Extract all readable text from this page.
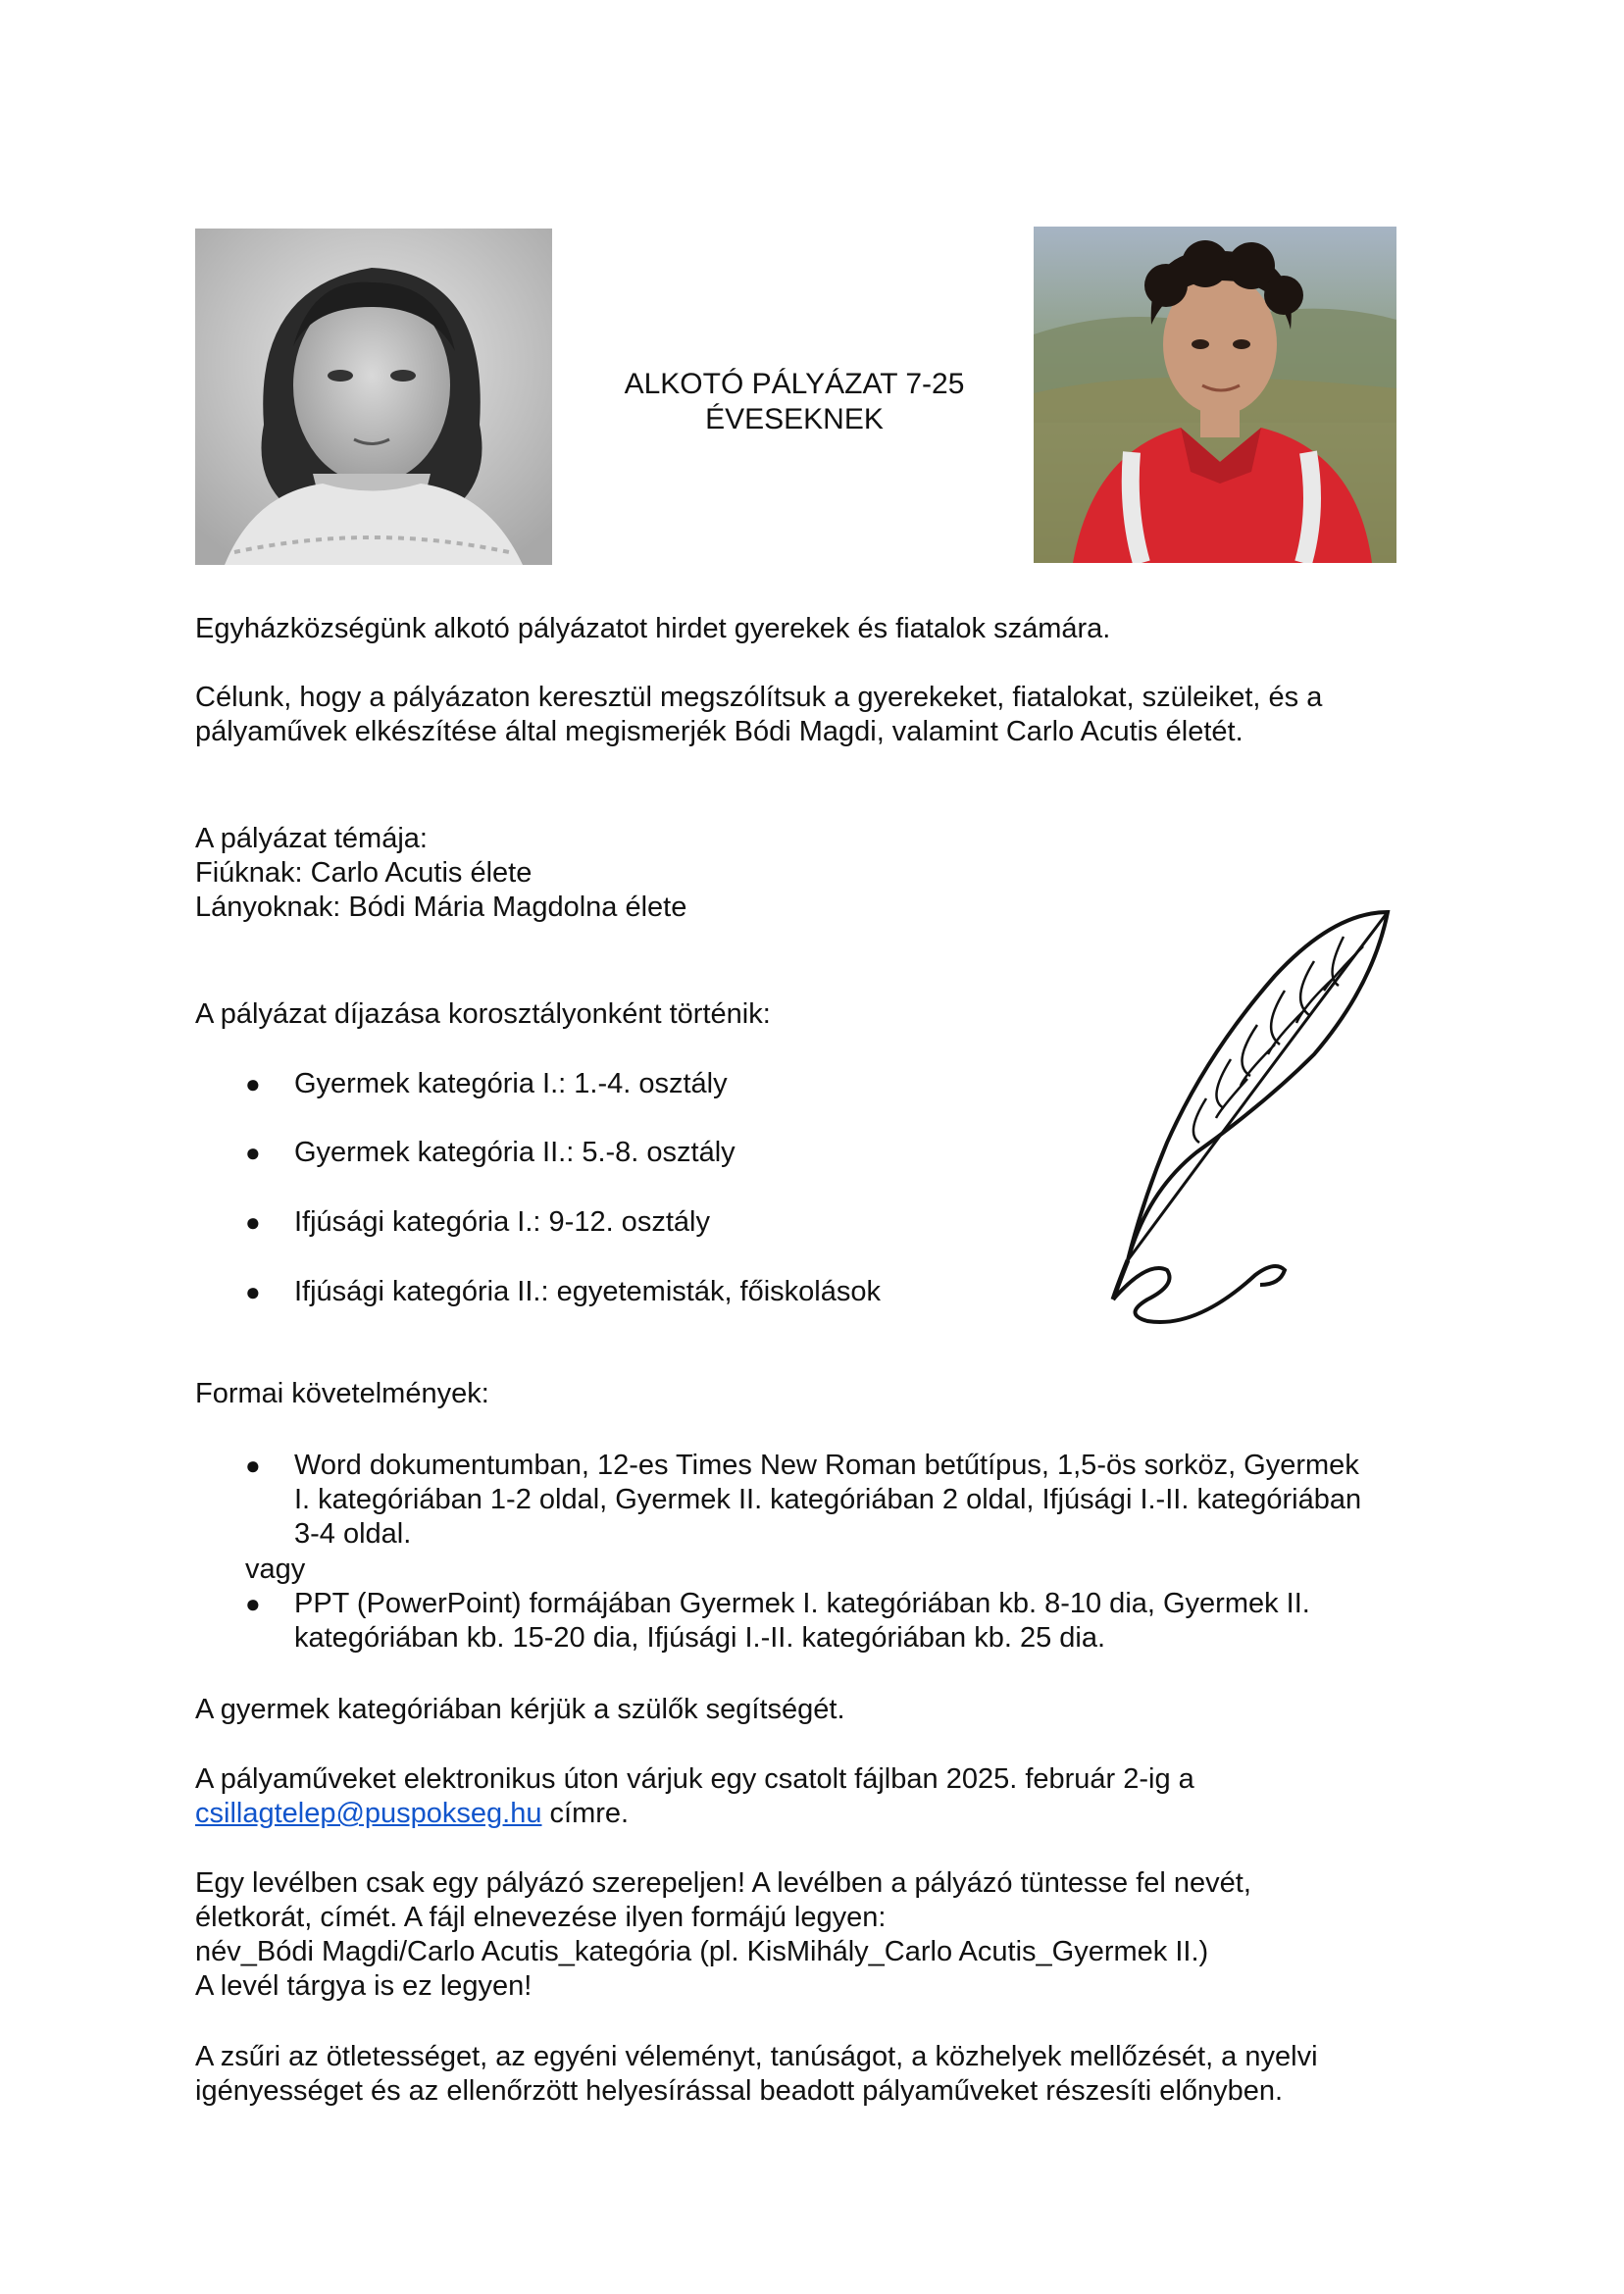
ALKOTÓ PÁLYÁZAT 7-25
ÉVESEKNEK
Egyházközségünk alkotó pályázatot hirdet gyerekek és fiatalok számára.
Célunk, hogy a pályázaton keresztül megszólítsuk a gyerekeket, fiatalokat, szüleiket, és a
pályaművek elkészítése által megismerjék Bódi Magdi, valamint Carlo Acutis életét.
A pályázat témája:
Fiúknak: Carlo Acutis élete
Lányoknak: Bódi Mária Magdolna élete
A pályázat díjazása korosztályonként történik:
● Gyermek kategória I.: 1.-4. osztály
● Gyermek kategória II.: 5.-8. osztály
● Ifjúsági kategória I.: 9-12. osztály
● Ifjúsági kategória II.: egyetemisták, főiskolások
Formai követelmények:
● Word dokumentumban, 12-es Times New Roman betűtípus, 1,5-ös sorköz, Gyermek
I. kategóriában 1-2 oldal, Gyermek II. kategóriában 2 oldal, Ifjúsági I.-II. kategóriában
3-4 oldal.
vagy
● PPT (PowerPoint) formájában Gyermek I. kategóriában kb. 8-10 dia, Gyermek II.
kategóriában kb. 15-20 dia, Ifjúsági I.-II. kategóriában kb. 25 dia.
A gyermek kategóriában kérjük a szülők segítségét.
A pályaműveket elektronikus úton várjuk egy csatolt fájlban 2025. február 2-ig a
csillagtelep@puspokseg.hu címre.
Egy levélben csak egy pályázó szerepeljen! A levélben a pályázó tüntesse fel nevét,
életkorát, címét. A fájl elnevezése ilyen formájú legyen:
név_Bódi Magdi/Carlo Acutis_kategória (pl. KisMihály_Carlo Acutis_Gyermek II.)
A levél tárgya is ez legyen!
A zsűri az ötletességet, az egyéni véleményt, tanúságot, a közhelyek mellőzését, a nyelvi
igényességet és az ellenőrzött helyesírással beadott pályaműveket részesíti előnyben.
